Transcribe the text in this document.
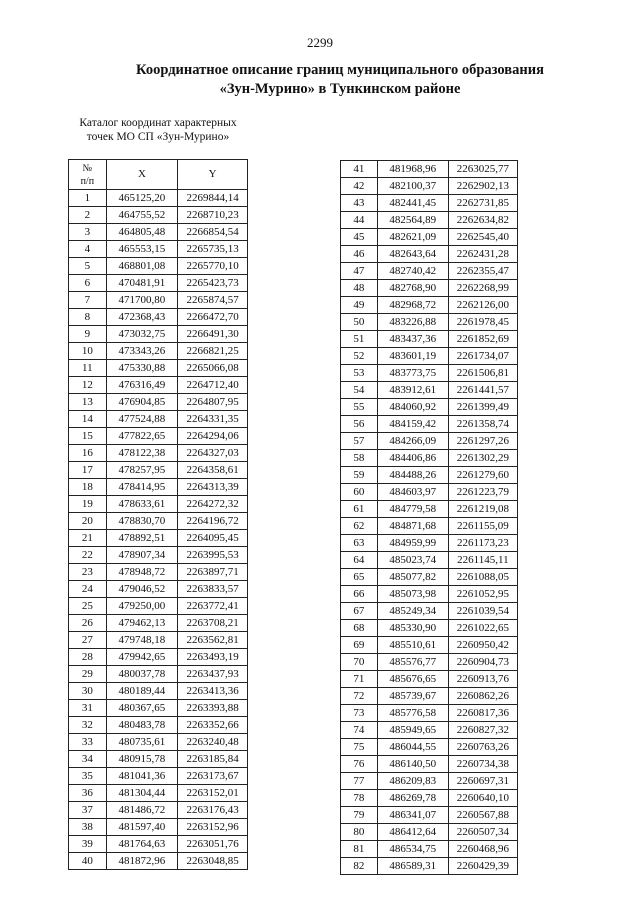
2299
Координатное описание границ муниципального образования
«Зун-Мурино» в Тункинском районе
Каталог координат характерных
точек МО СП «Зун-Мурино»
№
п/п	X	Y
1	465125,20	2269844,14
2	464755,52	2268710,23
3	464805,48	2266854,54
4	465553,15	2265735,13
5	468801,08	2265770,10
6	470481,91	2265423,73
7	471700,80	2265874,57
8	472368,43	2266472,70
9	473032,75	2266491,30
10	473343,26	2266821,25
11	475330,88	2265066,08
12	476316,49	2264712,40
13	476904,85	2264807,95
14	477524,88	2264331,35
15	477822,65	2264294,06
16	478122,38	2264327,03
17	478257,95	2264358,61
18	478414,95	2264313,39
19	478633,61	2264272,32
20	478830,70	2264196,72
21	478892,51	2264095,45
22	478907,34	2263995,53
23	478948,72	2263897,71
24	479046,52	2263833,57
25	479250,00	2263772,41
26	479462,13	2263708,21
27	479748,18	2263562,81
28	479942,65	2263493,19
29	480037,78	2263437,93
30	480189,44	2263413,36
31	480367,65	2263393,88
32	480483,78	2263352,66
33	480735,61	2263240,48
34	480915,78	2263185,84
35	481041,36	2263173,67
36	481304,44	2263152,01
37	481486,72	2263176,43
38	481597,40	2263152,96
39	481764,63	2263051,76
40	481872,96	2263048,85
41	481968,96	2263025,77
42	482100,37	2262902,13
43	482441,45	2262731,85
44	482564,89	2262634,82
45	482621,09	2262545,40
46	482643,64	2262431,28
47	482740,42	2262355,47
48	482768,90	2262268,99
49	482968,72	2262126,00
50	483226,88	2261978,45
51	483437,36	2261852,69
52	483601,19	2261734,07
53	483773,75	2261506,81
54	483912,61	2261441,57
55	484060,92	2261399,49
56	484159,42	2261358,74
57	484266,09	2261297,26
58	484406,86	2261302,29
59	484488,26	2261279,60
60	484603,97	2261223,79
61	484779,58	2261219,08
62	484871,68	2261155,09
63	484959,99	2261173,23
64	485023,74	2261145,11
65	485077,82	2261088,05
66	485073,98	2261052,95
67	485249,34	2261039,54
68	485330,90	2261022,65
69	485510,61	2260950,42
70	485576,77	2260904,73
71	485676,65	2260913,76
72	485739,67	2260862,26
73	485776,58	2260817,36
74	485949,65	2260827,32
75	486044,55	2260763,26
76	486140,50	2260734,38
77	486209,83	2260697,31
78	486269,78	2260640,10
79	486341,07	2260567,88
80	486412,64	2260507,34
81	486534,75	2260468,96
82	486589,31	2260429,39
